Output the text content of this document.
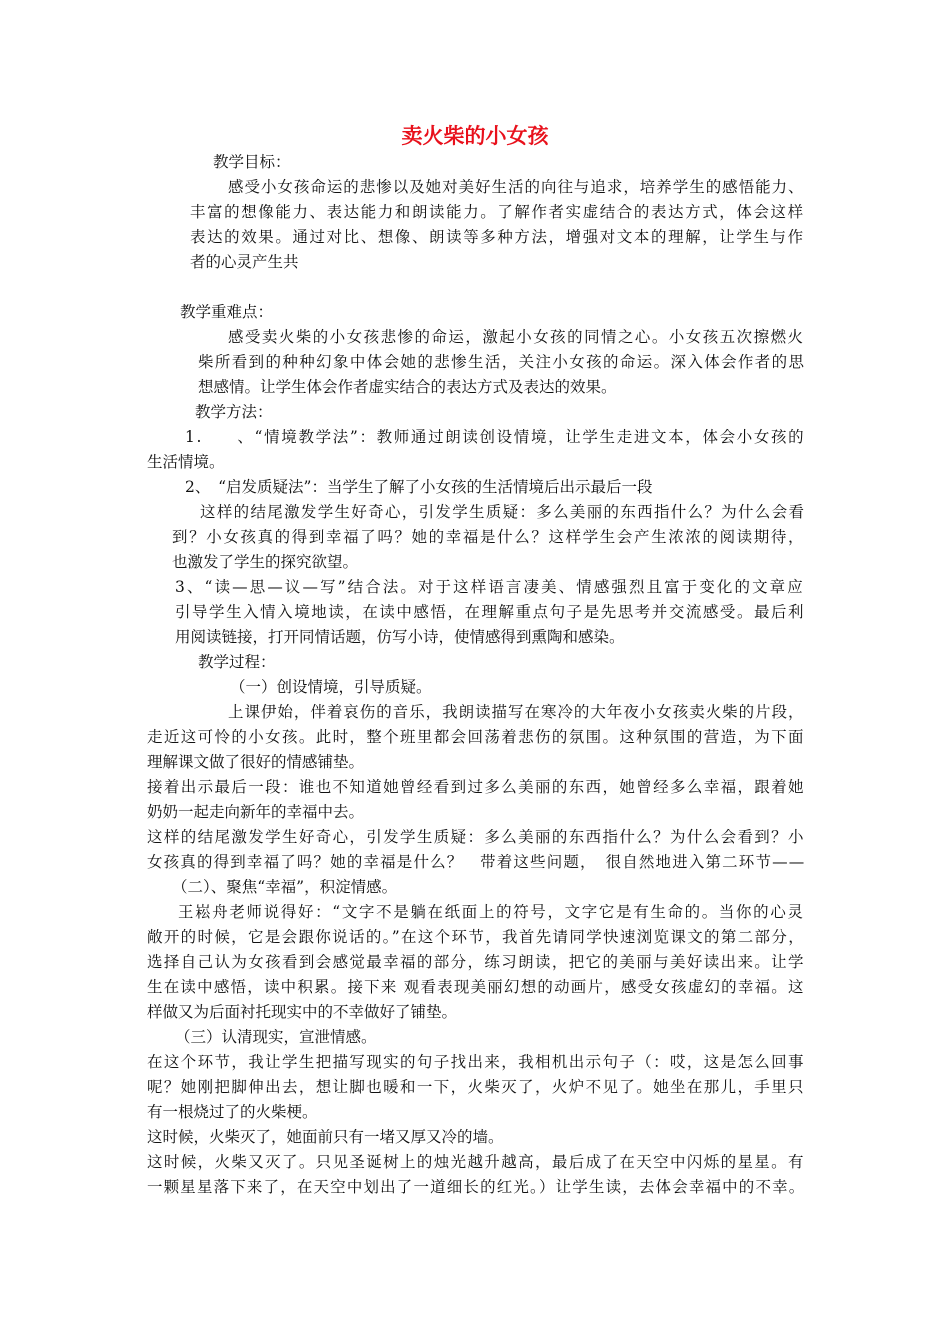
卖火柴的小女孩

教学目标：

感受小女孩命运的悲惨以及她对美好生活的向往与追求，培养学生的感悟能力、

丰富的想像能力、表达能力和朗读能力。了解作者实虚结合的表达方式，体会这样

表达的效果。通过对比、想像、朗读等多种方法，增强对文本的理解，让学生与作

者的心灵产生共

教学重难点：

感受卖火柴的小女孩悲惨的命运，激起小女孩的同情之心。小女孩五次擦燃火

柴所看到的种种幻象中体会她的悲惨生活，关注小女孩的命运。深入体会作者的思

想感情。让学生体会作者虚实结合的表达方式及表达的效果。

教学方法：

1.　　、“情境教学法”：教师通过朗读创设情境，让学生走进文本，体会小女孩的

生活情境。

2、　“启发质疑法”：当学生了解了小女孩的生活情境后出示最后一段

这样的结尾激发学生好奇心，引发学生质疑：多么美丽的东西指什么？为什么会看

到？小女孩真的得到幸福了吗？她的幸福是什么？这样学生会产生浓浓的阅读期待，

也激发了学生的探究欲望。

3、“读—思—议—写”结合法。对于这样语言凄美、情感强烈且富于变化的文章应

引导学生入情入境地读，在读中感悟，在理解重点句子是先思考并交流感受。最后利

用阅读链接，打开同情话题，仿写小诗，使情感得到熏陶和感染。

教学过程：

（一）创设情境，引导质疑。

上课伊始，伴着哀伤的音乐，我朗读描写在寒冷的大年夜小女孩卖火柴的片段，

走近这可怜的小女孩。此时，整个班里都会回荡着悲伤的氛围。这种氛围的营造，为下面

理解课文做了很好的情感铺垫。

接着出示最后一段：谁也不知道她曾经看到过多么美丽的东西，她曾经多么幸福，跟着她

奶奶一起走向新年的幸福中去。

这样的结尾激发学生好奇心，引发学生质疑：多么美丽的东西指什么？为什么会看到？小

女孩真的得到幸福了吗？她的幸福是什么？　带着这些问题，　很自然地进入第二环节——

（二）、聚焦“幸福”，积淀情感。

王崧舟老师说得好：“文字不是躺在纸面上的符号，文字它是有生命的。当你的心灵

敞开的时候，它是会跟你说话的。”在这个环节，我首先请同学快速浏览课文的第二部分，

选择自己认为女孩看到会感觉最幸福的部分，练习朗读，把它的美丽与美好读出来。让学

生在读中感悟，读中积累。接下来 观看表现美丽幻想的动画片，感受女孩虚幻的幸福。这

样做又为后面衬托现实中的不幸做好了铺垫。

（三）认清现实，宣泄情感。

在这个环节，我让学生把描写现实的句子找出来，我相机出示句子（：哎，这是怎么回事

呢？她刚把脚伸出去，想让脚也暖和一下，火柴灭了，火炉不见了。她坐在那儿，手里只

有一根烧过了的火柴梗。

这时候，火柴灭了，她面前只有一堵又厚又冷的墙。

这时候，火柴又灭了。只见圣诞树上的烛光越升越高，最后成了在天空中闪烁的星星。有

一颗星星落下来了，在天空中划出了一道细长的红光。）让学生读，去体会幸福中的不幸。
